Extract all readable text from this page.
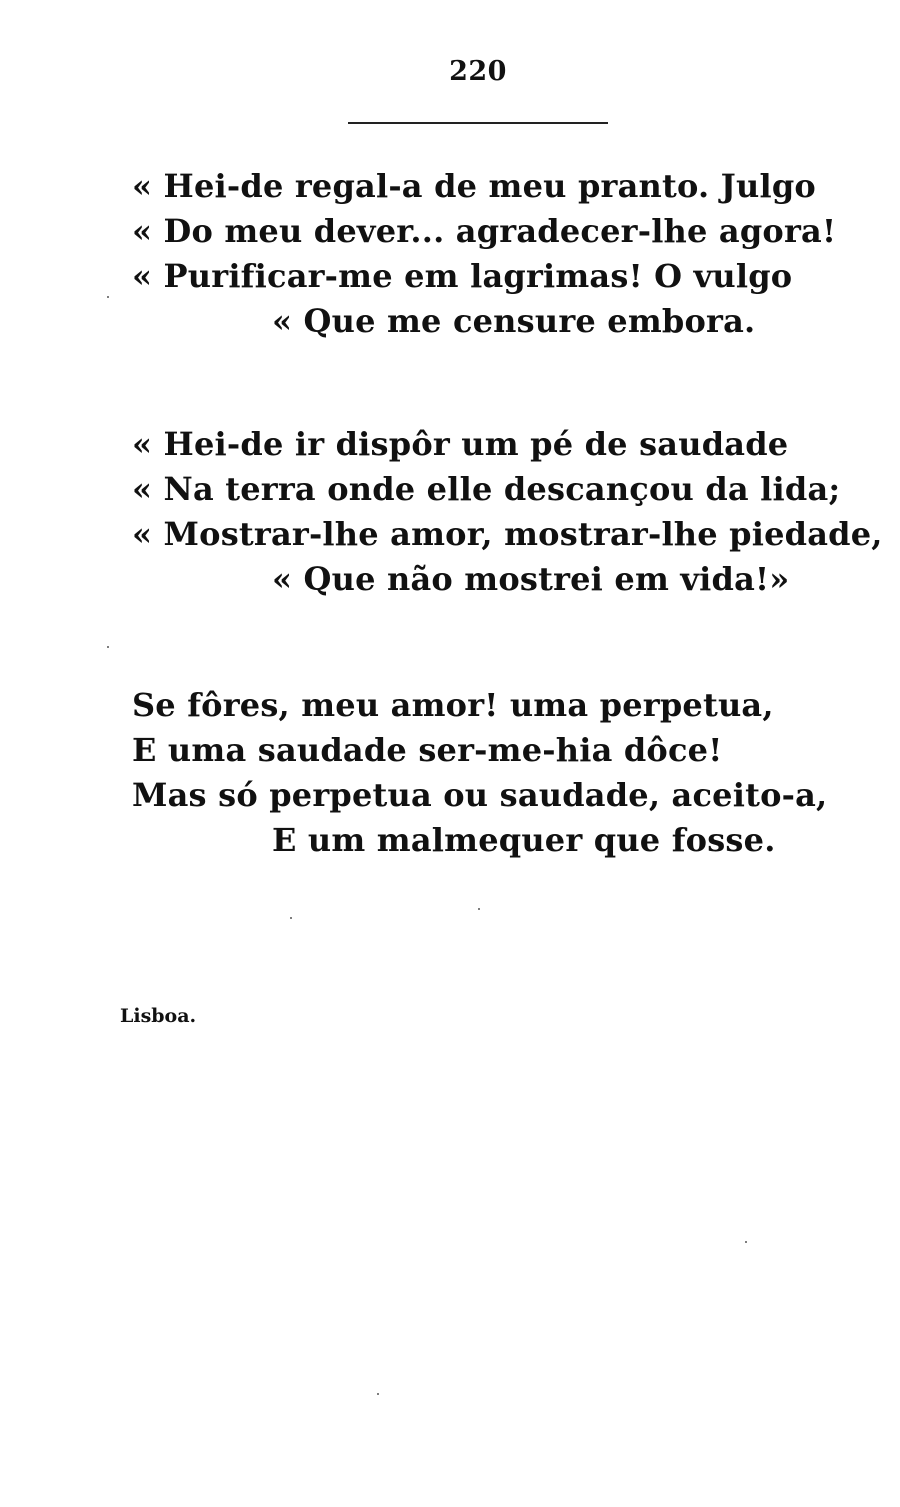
220
« Hei-de regal-a de meu pranto. Julgo
« Do meu dever... agradecer-lhe agora!
« Purificar-me em lagrimas! O vulgo
« Que me censure embora.
« Hei-de ir dispôr um pé de saudade
« Na terra onde elle descançou da lida;
« Mostrar-lhe amor, mostrar-lhe piedade,
« Que não mostrei em vida!»
Se fôres, meu amor! uma perpetua,
E uma saudade ser-me-hia dôce!
Mas só perpetua ou saudade, aceito-a,
E um malmequer que fosse.
Lisboa.
